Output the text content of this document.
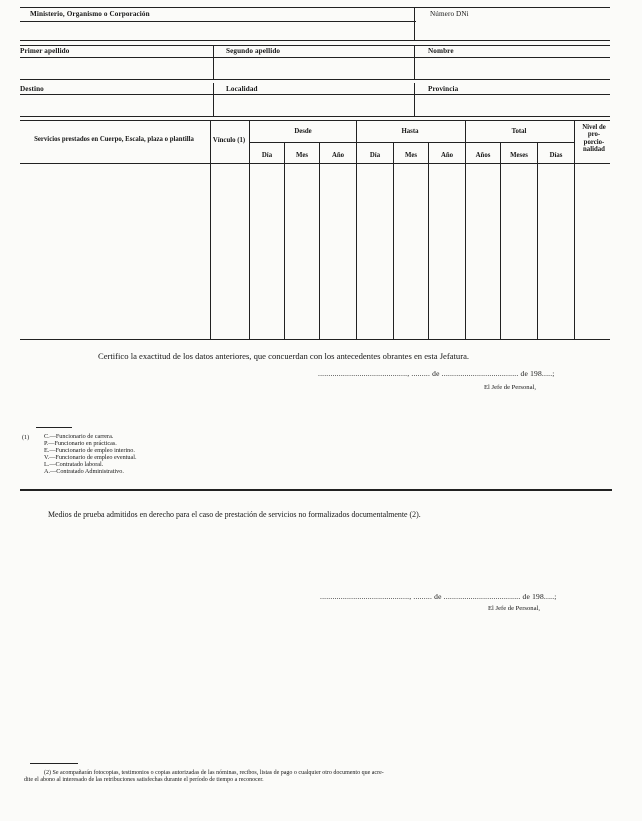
Ministerio, Organismo o Corporación	Número DNi
Primer apellido	Segundo apellido	Nombre
Destino	Localidad	Provincia
Servicios prestados en Cuerpo, Escala, plaza o plantilla	Vínculo (1)
Desde	Hasta	Total
Nivel de pro- porcio- nalidad
Día	Mes	Año	Día	Mes	Año	Años	Meses	Días
Certifico la exactitud de los datos anteriores, que concuerdan con los antecedentes obrantes en esta Jefatura.
..........................................., ......... de ..................................... de 198.....;
El Jefe de Personal,
(1) C.—Funcionario de carrera.
P.—Funcionario en prácticas.
E.—Funcionario de empleo interino.
V.—Funcionario de empleo eventual.
L.—Contratado laboral.
A.—Contratado Administrativo.
Medios de prueba admitidos en derecho para el caso de prestación de servicios no formalizados documentalmente (2).
..........................................., ......... de ..................................... de 198.....;
El Jefe de Personal,
(2) Se acompañarán fotocopias, testimonios o copias autorizadas de las nóminas, recibos, listas de pago o cualquier otro documento que acre-
dite el abono al interesado de las retribuciones satisfechas durante el período de tiempo a reconocer.
